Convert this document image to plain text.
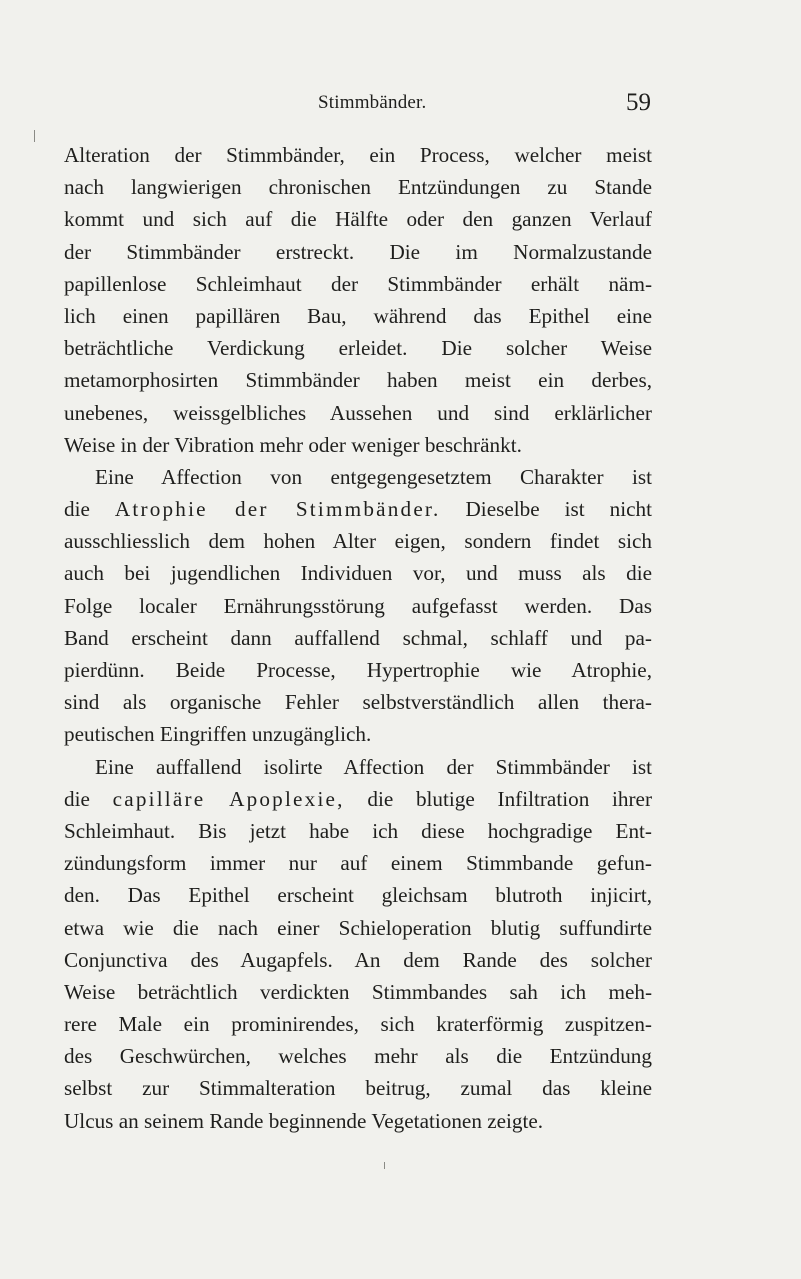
Stimmbänder.	59
Alteration der Stimmbänder, ein Process, welcher meist
nach langwierigen chronischen Entzündungen zu Stande
kommt und sich auf die Hälfte oder den ganzen Verlauf
der Stimmbänder erstreckt. Die im Normalzustande
papillenlose Schleimhaut der Stimmbänder erhält näm-
lich einen papillären Bau, während das Epithel eine
beträchtliche Verdickung erleidet. Die solcher Weise
metamorphosirten Stimmbänder haben meist ein derbes,
unebenes, weissgelbliches Aussehen und sind erklärlicher
Weise in der Vibration mehr oder weniger beschränkt.
Eine Affection von entgegengesetztem Charakter ist
die Atrophie der Stimmbänder. Dieselbe ist nicht
ausschliesslich dem hohen Alter eigen, sondern findet sich
auch bei jugendlichen Individuen vor, und muss als die
Folge localer Ernährungsstörung aufgefasst werden. Das
Band erscheint dann auffallend schmal, schlaff und pa-
pierdünn. Beide Processe, Hypertrophie wie Atrophie,
sind als organische Fehler selbstverständlich allen thera-
peutischen Eingriffen unzugänglich.
Eine auffallend isolirte Affection der Stimmbänder ist
die capilläre Apoplexie, die blutige Infiltration ihrer
Schleimhaut. Bis jetzt habe ich diese hochgradige Ent-
zündungsform immer nur auf einem Stimmbande gefun-
den. Das Epithel erscheint gleichsam blutroth injicirt,
etwa wie die nach einer Schieloperation blutig suffundirte
Conjunctiva des Augapfels. An dem Rande des solcher
Weise beträchtlich verdickten Stimmbandes sah ich meh-
rere Male ein prominirendes, sich kraterförmig zuspitzen-
des Geschwürchen, welches mehr als die Entzündung
selbst zur Stimmalteration beitrug, zumal das kleine
Ulcus an seinem Rande beginnende Vegetationen zeigte.
